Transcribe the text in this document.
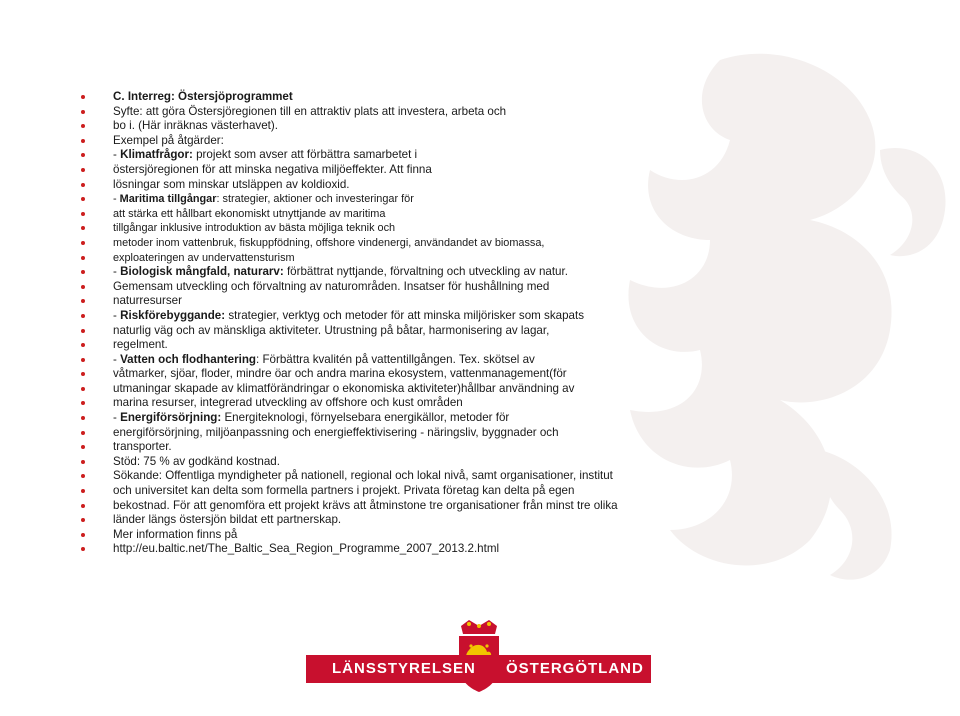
C. Interreg: Östersjöprogrammet
Syfte: att göra Östersjöregionen till en attraktiv plats att investera, arbeta och
bo i. (Här inräknas västerhavet).
Exempel på åtgärder:
- Klimatfrågor: projekt som avser att förbättra samarbetet i
östersjöregionen för att minska negativa miljöeffekter. Att finna
lösningar som minskar utsläppen av koldioxid.
- Maritima tillgångar: strategier, aktioner och investeringar för
att stärka ett hållbart ekonomiskt utnyttjande av maritima
tillgångar inklusive introduktion av bästa möjliga teknik och
metoder inom vattenbruk, fiskuppfödning, offshore vindenergi, användandet av biomassa,
exploateringen av undervattensturism
- Biologisk mångfald, naturarv: förbättrat nyttjande, förvaltning och utveckling av natur.
Gemensam utveckling och förvaltning av naturområden. Insatser för hushållning med
naturresurser
- Riskförebyggande: strategier, verktyg och metoder för att minska miljörisker som skapats
naturlig väg och av mänskliga aktiviteter. Utrustning på båtar, harmonisering av lagar,
regelment.
- Vatten och flodhantering: Förbättra kvalitén på vattentillgången. Tex. skötsel av
våtmarker, sjöar, floder, mindre öar och andra marina ekosystem, vattenmanagement(för
utmaningar skapade av klimatförändringar o ekonomiska aktiviteter)hållbar användning av
marina resurser, integrerad utveckling av offshore och kust områden
- Energiförsörjning: Energiteknologi, förnyelsebara energikällor, metoder för
energiförsörjning, miljöanpassning och energieffektivisering - näringsliv, byggnader och
transporter.
Stöd: 75 % av godkänd kostnad.
Sökande: Offentliga myndigheter på nationell, regional och lokal nivå, samt organisationer, institut
och universitet kan delta som formella partners i projekt. Privata företag kan delta på egen
bekostnad. För att genomföra ett projekt krävs att åtminstone tre organisationer från minst tre olika
länder längs östersjön bildat ett partnerskap.
Mer information finns på
http://eu.baltic.net/The_Baltic_Sea_Region_Programme_2007_2013.2.html
LÄNSSTYRELSEN ÖSTERGÖTLAND
